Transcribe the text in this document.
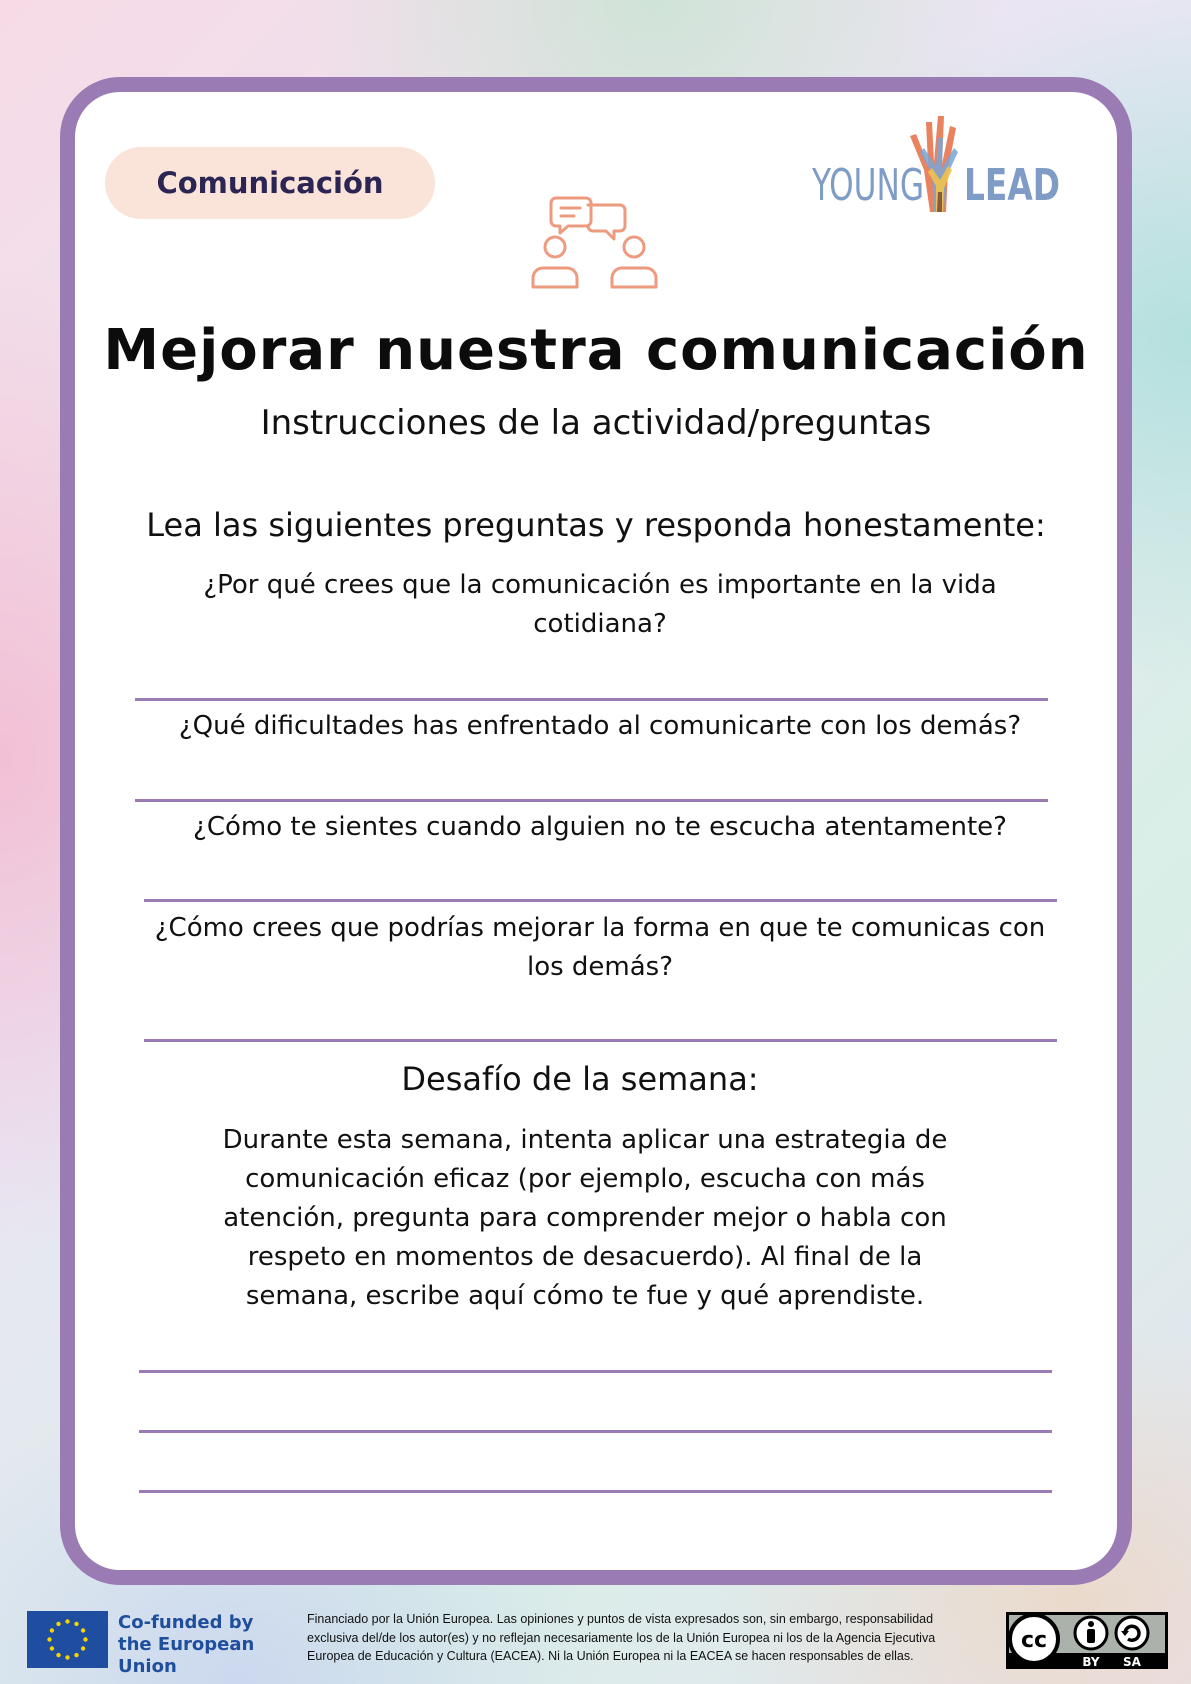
Comunicación	YOUNG LEAD
Mejorar nuestra comunicación
Instrucciones de la actividad/preguntas
Lea las siguientes preguntas y responda honestamente:
¿Por qué crees que la comunicación es importante en la vida
cotidiana?
¿Qué dificultades has enfrentado al comunicarte con los demás?
¿Cómo te sientes cuando alguien no te escucha atentamente?
¿Cómo crees que podrías mejorar la forma en que te comunicas con
los demás?
Desafío de la semana:
Durante esta semana, intenta aplicar una estrategia de
comunicación eficaz (por ejemplo, escucha con más
atención, pregunta para comprender mejor o habla con
respeto en momentos de desacuerdo). Al final de la
semana, escribe aquí cómo te fue y qué aprendiste.
Co-funded by
the European Union
Financiado por la Unión Europea. Las opiniones y puntos de vista expresados son, sin embargo, responsabilidad
exclusiva del/de los autor(es) y no reflejan necesariamente los de la Unión Europea ni los de la Agencia Ejecutiva
Europea de Educación y Cultura (EACEA). Ni la Unión Europea ni la EACEA se hacen responsables de ellas.
cc
BY SA
